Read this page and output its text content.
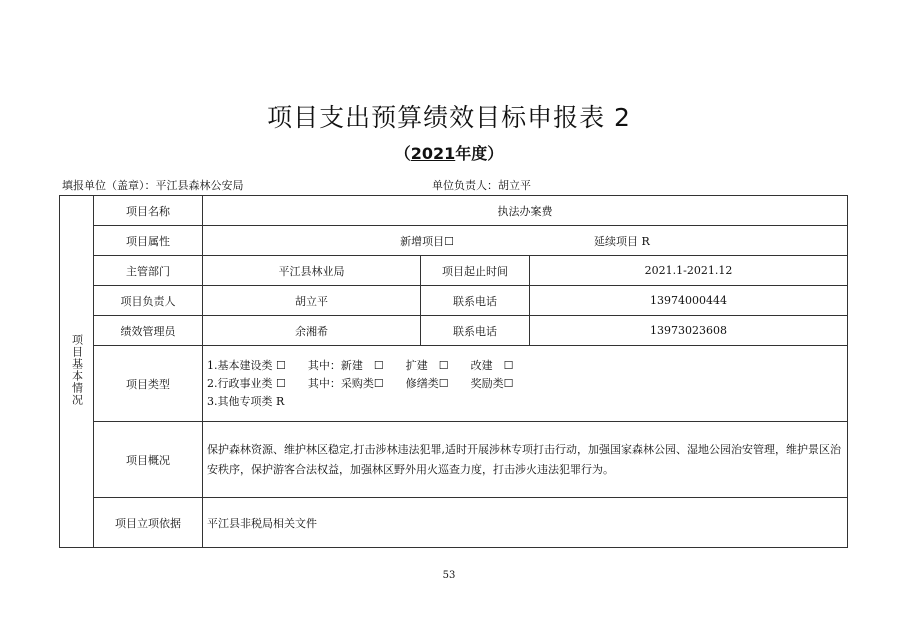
项目支出预算绩效目标申报表 2
（2021年度）
填报单位（盖章）：平江县森林公安局	单位负责人：胡立平
项目基本情况	项目名称	执法办案费		
	项目属性	新增项目☐ 延续项目 R		

	主管部门	平江县林业局	项目起止时间	2021.1-2021.12
	项目负责人	胡立平	联系电话	13974000444
	绩效管理员	余湘希	联系电话	13973023608
	项目类型	1.基本建设类 ☐　　其中：新建　☐　　扩建　☐　　改建　☐
2.行政事业类 ☐　　其中：采购类☐　　修缮类☐　　奖励类☐
3.其他专项类 R		

	项目概况	保护森林资源、维护林区稳定,打击涉林违法犯罪,适时开展涉林专项打击行动，加强国家森林公园、湿地公园治安管理，维护景区治安秩序，保护游客合法权益，加强林区野外用火巡查力度，打击涉火违法犯罪行为。		
	项目立项依据	平江县非税局相关文件		
53
